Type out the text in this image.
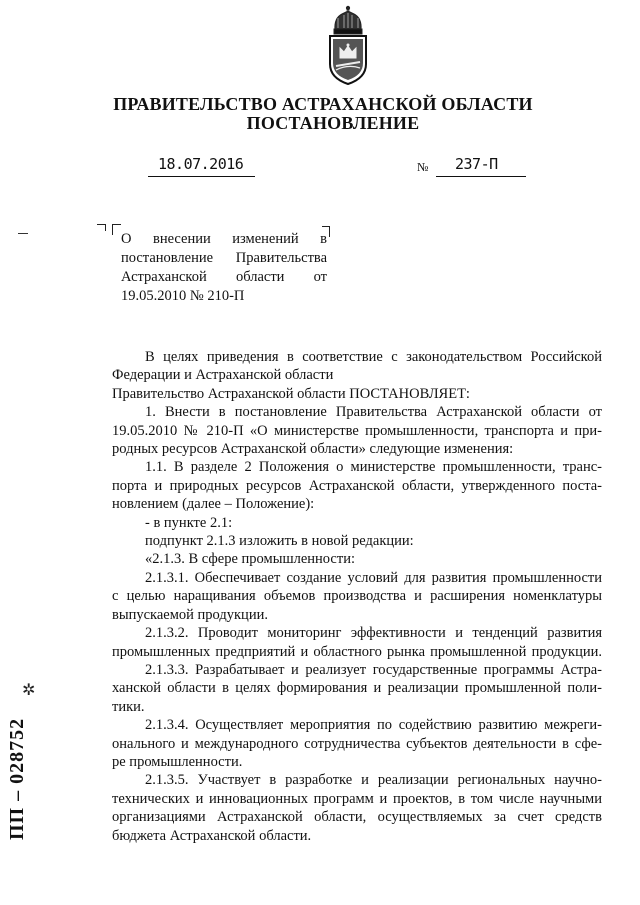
ПРАВИТЕЛЬСТВО АСТРАХАНСКОЙ ОБЛАСТИ
ПОСТАНОВЛЕНИЕ
18.07.2016	№ 237-П
О внесении изменений в
постановление Правительства
Астраханской области от
19.05.2010 № 210-П

В целях приведения в соответствие с законодательством Российской

Федерации и Астраханской области

Правительство Астраханской области ПОСТАНОВЛЯЕТ:

1. Внести в постановление Правительства Астраханской области от

19.05.2010 № 210-П «О министерстве промышленности, транспорта и при-

родных ресурсов Астраханской области» следующие изменения:

1.1. В разделе 2 Положения о министерстве промышленности, транс-

порта и природных ресурсов Астраханской области, утвержденного поста-

новлением (далее – Положение):

- в пункте 2.1:

подпункт 2.1.3 изложить в новой редакции:

«2.1.3. В сфере промышленности:

2.1.3.1. Обеспечивает создание условий для развития промышленности

с целью наращивания объемов производства и расширения номенклатуры

выпускаемой продукции.

2.1.3.2. Проводит мониторинг эффективности и тенденций развития

промышленных предприятий и областного рынка промышленной продукции.

2.1.3.3. Разрабатывает и реализует государственные программы Астра-

ханской области в целях формирования и реализации промышленной поли-

тики.

2.1.3.4. Осуществляет мероприятия по содействию развитию межреги-

онального и международного сотрудничества субъектов деятельности в сфе-

ре промышленности.

2.1.3.5. Участвует в разработке и реализации региональных научно-

технических и инновационных программ и проектов, в том числе научными

организациями Астраханской области, осуществляемых за счет средств

бюджета Астраханской области.

✲
ПП – 028752
